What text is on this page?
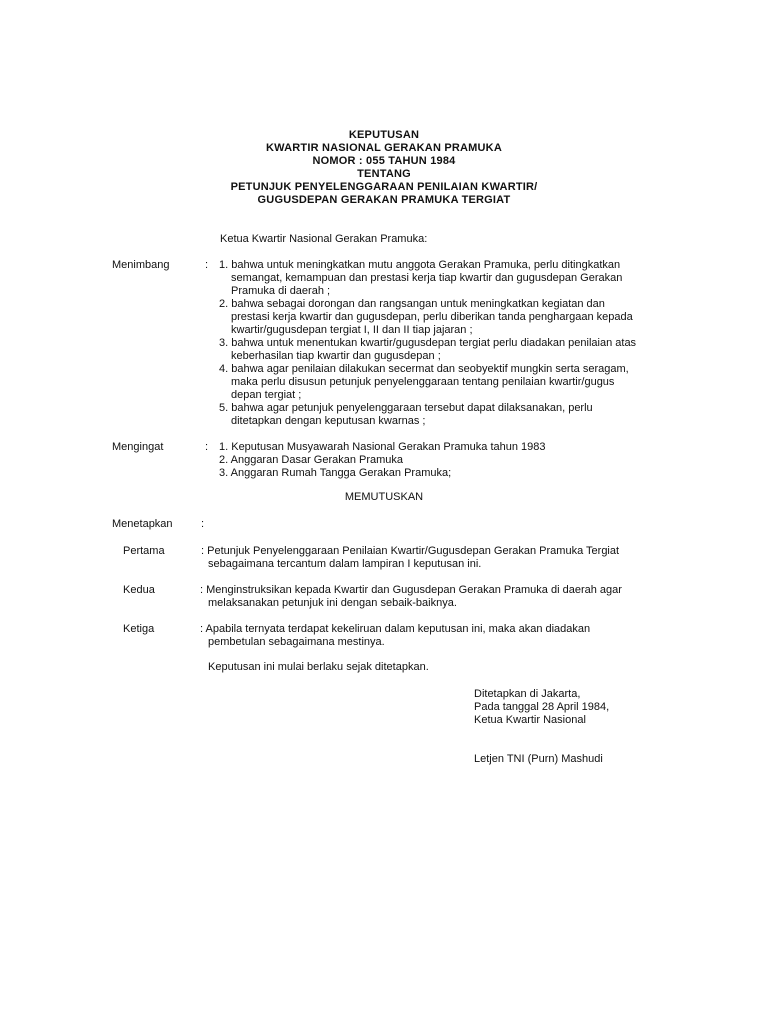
KEPUTUSAN
KWARTIR NASIONAL GERAKAN PRAMUKA
NOMOR : 055 TAHUN 1984
TENTANG
PETUNJUK PENYELENGGARAAN PENILAIAN KWARTIR/
GUGUSDEPAN GERAKAN PRAMUKA TERGIAT
Ketua Kwartir Nasional Gerakan Pramuka:
Menimbang	: 1. bahwa untuk meningkatkan mutu anggota Gerakan Pramuka, perlu ditingkatkan
semangat, kemampuan dan prestasi kerja tiap kwartir dan gugusdepan Gerakan
Pramuka di daerah ;
2. bahwa sebagai dorongan dan rangsangan untuk meningkatkan kegiatan dan
prestasi kerja kwartir dan gugusdepan, perlu diberikan tanda penghargaan kepada
kwartir/gugusdepan tergiat I, II dan II tiap jajaran ;
3. bahwa untuk menentukan kwartir/gugusdepan tergiat perlu diadakan penilaian atas
keberhasilan tiap kwartir dan gugusdepan ;
4. bahwa agar penilaian dilakukan secermat dan seobyektif mungkin serta seragam,
maka perlu disusun petunjuk penyelenggaraan tentang penilaian kwartir/gugus
depan tergiat ;
5. bahwa agar petunjuk penyelenggaraan tersebut dapat dilaksanakan, perlu
ditetapkan dengan keputusan kwarnas ;
Mengingat	: 1. Keputusan Musyawarah Nasional Gerakan Pramuka tahun 1983
2. Anggaran Dasar Gerakan Pramuka
3. Anggaran Rumah Tangga Gerakan Pramuka;
MEMUTUSKAN
Menetapkan	:
Pertama	: Petunjuk Penyelenggaraan Penilaian Kwartir/Gugusdepan Gerakan Pramuka Tergiat
sebagaimana tercantum dalam lampiran I keputusan ini.
Kedua	: Menginstruksikan kepada Kwartir dan Gugusdepan Gerakan Pramuka di daerah agar
melaksanakan petunjuk ini dengan sebaik-baiknya.
Ketiga	: Apabila ternyata terdapat kekeliruan dalam keputusan ini, maka akan diadakan
pembetulan sebagaimana mestinya.
Keputusan ini mulai berlaku sejak ditetapkan.
Ditetapkan di Jakarta,
Pada tanggal 28 April 1984,
Ketua Kwartir Nasional
Letjen TNI (Purn) Mashudi
